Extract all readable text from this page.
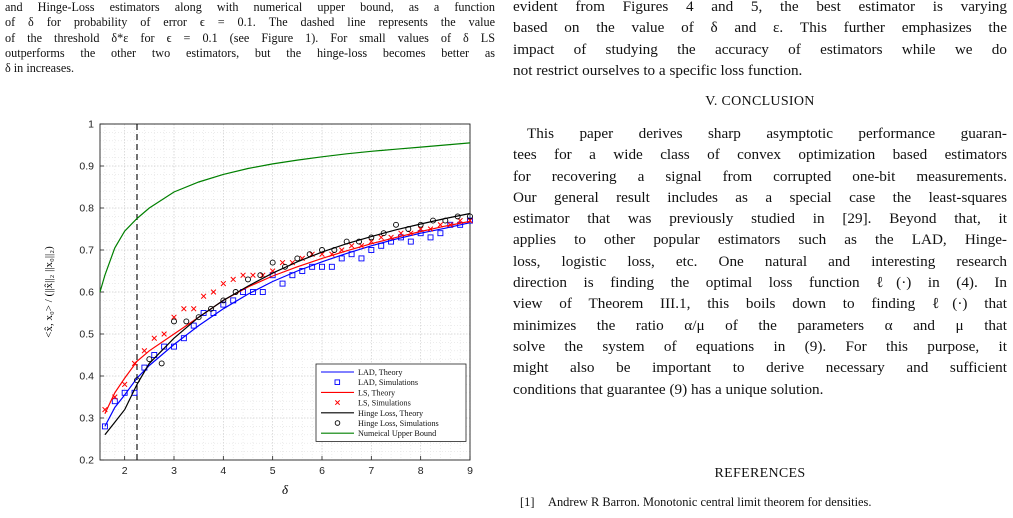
and Hinge-Loss estimators along with numerical upper bound, as a function
of δ for probability of error ϵ = 0.1. The dashed line represents the value
of the threshold δ*ε for ϵ = 0.1 (see Figure 1). For small values of δ LS
outperforms the other two estimators, but the hinge-loss becomes better as
δ in increases.
2	3	4	5	6	7	8	9
0.2
0.3
0.4
0.5
0.6
0.7
0.8
0.9
1
δ
<x̂, x₀> / (||x̂||₂ ||x₀||₂)
LAD, Theory
LAD, Simulations
LS, Theory
LS, Simulations
Hinge Loss, Theory
Hinge Loss, Simulations
Numeical Upper Bound
evident from Figures 4 and 5, the best estimator is varying
based on the value of δ and ε. This further emphasizes the
impact of studying the accuracy of estimators while we do
not restrict ourselves to a specific loss function.
V. CONCLUSION
This paper derives sharp asymptotic performance guaran-
tees for a wide class of convex optimization based estimators
for recovering a signal from corrupted one-bit measurements.
Our general result includes as a special case the least-squares
estimator that was previously studied in [29]. Beyond that, it
applies to other popular estimators such as the LAD, Hinge-
loss, logistic loss, etc. One natural and interesting research
direction is finding the optimal loss function ℓ(·) in (4). In
view of Theorem III.1, this boils down to finding ℓ(·) that
minimizes the ratio α/μ of the parameters α and μ that
solve the system of equations in (9). For this purpose, it
might also be important to derive necessary and sufficient
conditions that guarantee (9) has a unique solution.
REFERENCES
[1] Andrew R Barron. Monotonic central limit theorem for densities.
